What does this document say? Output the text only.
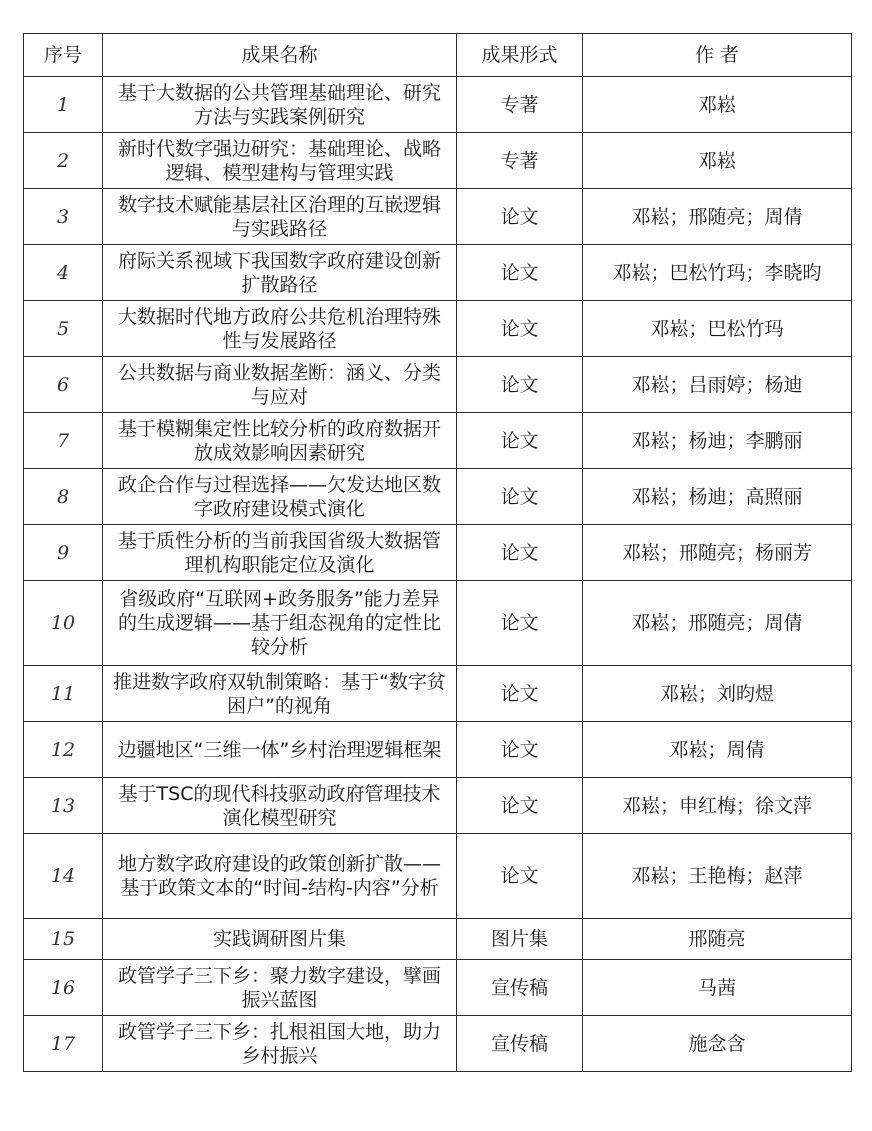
序号	成果名称	成果形式	作 者
1	基于大数据的公共管理基础理论、研究方法与实践案例研究	专著	邓崧
2	新时代数字强边研究：基础理论、战略逻辑、模型建构与管理实践	专著	邓崧
3	数字技术赋能基层社区治理的互嵌逻辑与实践路径	论文	邓崧；邢随亮；周倩
4	府际关系视域下我国数字政府建设创新扩散路径	论文	邓崧；巴松竹玛；李晓昀
5	大数据时代地方政府公共危机治理特殊性与发展路径	论文	邓崧；巴松竹玛
6	公共数据与商业数据垄断：涵义、分类与应对	论文	邓崧；吕雨婷；杨迪
7	基于模糊集定性比较分析的政府数据开放成效影响因素研究	论文	邓崧；杨迪；李鹏丽
8	政企合作与过程选择——欠发达地区数字政府建设模式演化	论文	邓崧；杨迪；高照丽
9	基于质性分析的当前我国省级大数据管理机构职能定位及演化	论文	邓崧；邢随亮；杨丽芳
10	省级政府“互联网+政务服务”能力差异的生成逻辑——基于组态视角的定性比较分析	论文	邓崧；邢随亮；周倩
11	推进数字政府双轨制策略：基于“数字贫困户”的视角	论文	邓崧；刘昀煜
12	边疆地区“三维一体”乡村治理逻辑框架	论文	邓崧；周倩
13	基于TSC的现代科技驱动政府管理技术演化模型研究	论文	邓崧；申红梅；徐文萍
14	地方数字政府建设的政策创新扩散——基于政策文本的“时间-结构-内容”分析	论文	邓崧；王艳梅；赵萍
15	实践调研图片集	图片集	邢随亮
16	政管学子三下乡：聚力数字建设，擘画振兴蓝图	宣传稿	马茜
17	政管学子三下乡：扎根祖国大地，助力乡村振兴	宣传稿	施念含
